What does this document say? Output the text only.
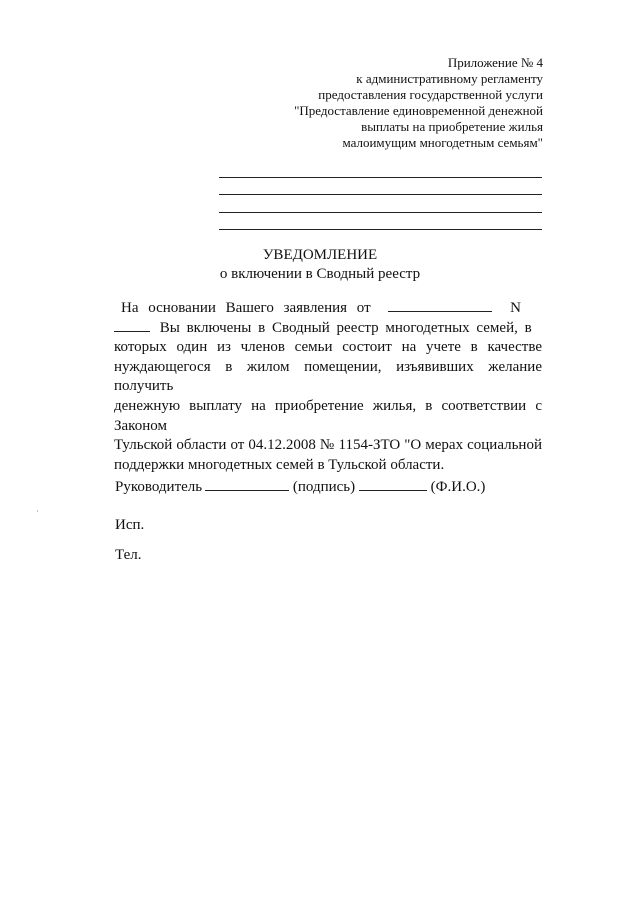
Приложение № 4
к административному регламенту
предоставления государственной услуги
"Предоставление единовременной денежной
выплаты на приобретение жилья
малоимущим многодетным семьям"
УВЕДОМЛЕНИЕ
о включении в Сводный реестр
На основании Вашего заявления от	N
Вы включены в Сводный реестр многодетных семей, в
которых один из членов семьи состоит на учете в качестве
нуждающегося в жилом помещении, изъявивших желание получить
денежную выплату на приобретение жилья, в соответствии с Законом
Тульской области от 04.12.2008 № 1154-ЗТО "О мерах социальной
поддержки многодетных семей в Тульской области.
Руководитель	(подпись)	(Ф.И.О.)
Исп.
Тел.
